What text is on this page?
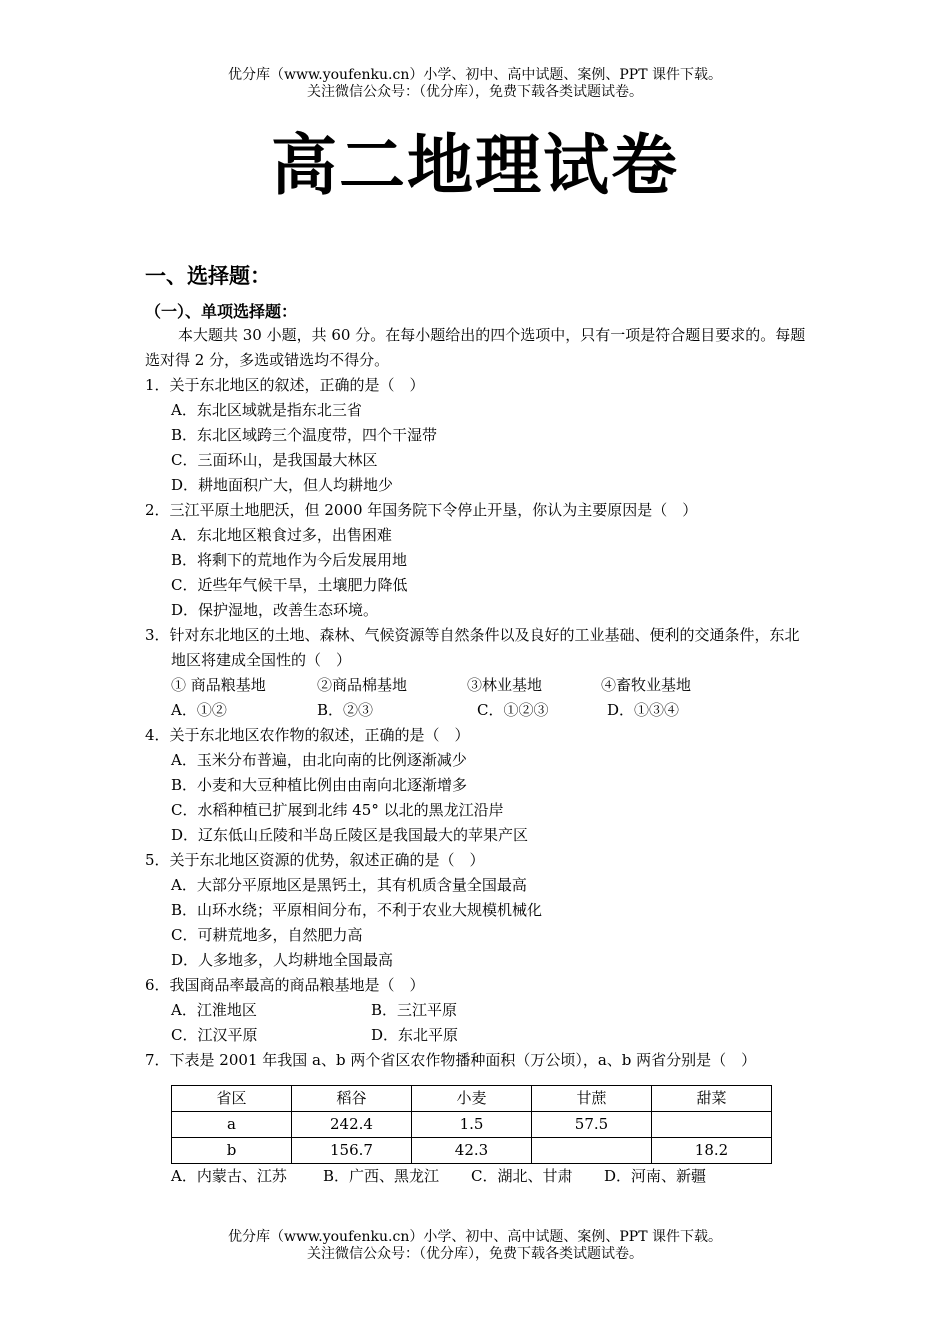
优分库（www.youfenku.cn）小学、初中、高中试题、案例、PPT 课件下载。
关注微信公众号：（优分库），免费下载各类试题试卷。
高二地理试卷
一、选择题：
（一）、单项选择题：

本大题共 30 小题，共 60 分。在每小题给出的四个选项中，只有一项是符合题目要求的。每题选对得 2 分，多选或错选均不得分。

1．关于东北地区的叙述，正确的是（　）

A．东北区域就是指东北三省

B．东北区域跨三个温度带，四个干湿带

C．三面环山，是我国最大林区

D．耕地面积广大，但人均耕地少

2．三江平原土地肥沃，但 2000 年国务院下令停止开垦，你认为主要原因是（　）

A．东北地区粮食过多，出售困难

B．将剩下的荒地作为今后发展用地

C．近些年气候干旱，土壤肥力降低

D．保护湿地，改善生态环境。

3．针对东北地区的土地、森林、气候资源等自然条件以及良好的工业基础、便利的交通条件，东北地区将建成全国性的（　）

① 商品粮基地	②商品棉基地	③林业基地	④畜牧业基地
A．①②	B．②③	C．①②③	D．①③④

4．关于东北地区农作物的叙述，正确的是（　）

A．玉米分布普遍，由北向南的比例逐渐减少

B．小麦和大豆种植比例由由南向北逐渐增多

C．水稻种植已扩展到北纬 45° 以北的黑龙江沿岸

D．辽东低山丘陵和半岛丘陵区是我国最大的苹果产区

5．关于东北地区资源的优势，叙述正确的是（　）

A．大部分平原地区是黑钙土，其有机质含量全国最高

B．山环水绕；平原相间分布，不利于农业大规模机械化

C．可耕荒地多，自然肥力高

D．人多地多，人均耕地全国最高

6．我国商品率最高的商品粮基地是（　）

A．江淮地区	B．三江平原
C．江汉平原	D．东北平原

7．下表是 2001 年我国 a、b 两个省区农作物播种面积（万公顷），a、b 两省分别是（　）

省区	稻谷	小麦	甘蔗	甜菜
a	242.4	1.5	57.5	
b	156.7	42.3		18.2
A．内蒙古、江苏	B．广西、黑龙江	C．湖北、甘肃	D．河南、新疆
优分库（www.youfenku.cn）小学、初中、高中试题、案例、PPT 课件下载。
关注微信公众号：（优分库），免费下载各类试题试卷。
